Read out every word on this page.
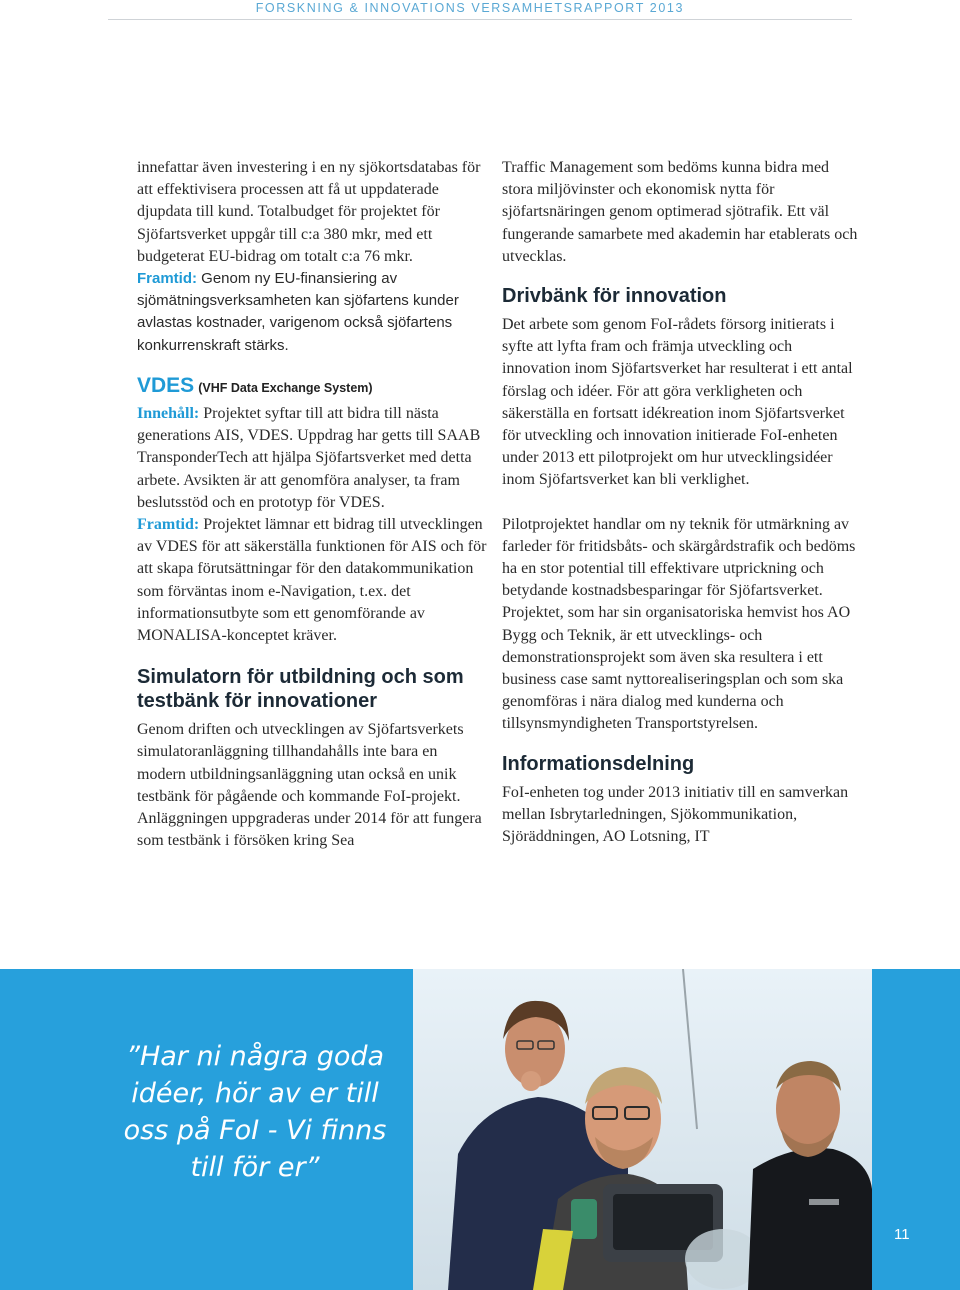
FORSKNING & INNOVATIONS VERSAMHETSRAPPORT 2013

innefattar även investering i en ny sjökortsdatabas för att effektivisera processen att få ut uppdaterade djupdata till kund. Totalbudget för projektet för Sjöfartsverket uppgår till c:a 380 mkr, med ett budgeterat EU-bidrag om totalt c:a 76 mkr.

Framtid: Genom ny EU-finansiering av sjömätningsverksamheten kan sjöfartens kunder avlastas kostnader, varigenom också sjöfartens konkurrenskraft stärks.

VDES (VHF Data Exchange System)

Innehåll: Projektet syftar till att bidra till nästa generations AIS, VDES. Uppdrag har getts till SAAB TransponderTech att hjälpa Sjöfartsverket med detta arbete. Avsikten är att genomföra analyser, ta fram beslutsstöd och en prototyp för VDES.

Framtid: Projektet lämnar ett bidrag till utvecklingen av VDES för att säkerställa funktionen för AIS och för att skapa förutsättningar för den datakommunikation som förväntas inom e-Navigation, t.ex. det informationsutbyte som ett genomförande av MONALISA-konceptet kräver.

Simulatorn för utbildning och som testbänk för innovationer

Genom driften och utvecklingen av Sjöfartsverkets simulatoranläggning tillhandahålls inte bara en modern utbildningsanläggning utan också en unik testbänk för pågående och kommande FoI-projekt. Anläggningen uppgraderas under 2014 för att fungera som testbänk i försöken kring Sea

Traffic Management som bedöms kunna bidra med stora miljövinster och ekonomisk nytta för sjöfartsnäringen genom optimerad sjötrafik. Ett väl fungerande samarbete med akademin har etablerats och utvecklas.

Drivbänk för innovation

Det arbete som genom FoI-rådets försorg initierats i syfte att lyfta fram och främja utveckling och innovation inom Sjöfartsverket har resulterat i ett antal förslag och idéer. För att göra verkligheten och säkerställa en fortsatt idékreation inom Sjöfartsverket för utveckling och innovation initierade FoI-enheten under 2013 ett pilotprojekt om hur utvecklingsidéer inom Sjöfartsverket kan bli verklighet.

Pilotprojektet handlar om ny teknik för utmärkning av farleder för fritidsbåts- och skärgårdstrafik och bedöms ha en stor potential till effektivare utprickning och betydande kostnadsbesparingar för Sjöfartsverket. Projektet, som har sin organisatoriska hemvist hos AO Bygg och Teknik, är ett utvecklings- och demonstrationsprojekt som även ska resultera i ett business case samt nyttorealiseringsplan och som ska genomföras i nära dialog med kunderna och tillsynsmyndigheten Transportstyrelsen.

Informationsdelning

FoI-enheten tog under 2013 initiativ till en samverkan mellan Isbrytarledningen, Sjökommunikation, Sjöräddningen, AO Lotsning, IT

”Har ni några goda idéer, hör av er till oss på FoI - Vi finns till för er”
11
